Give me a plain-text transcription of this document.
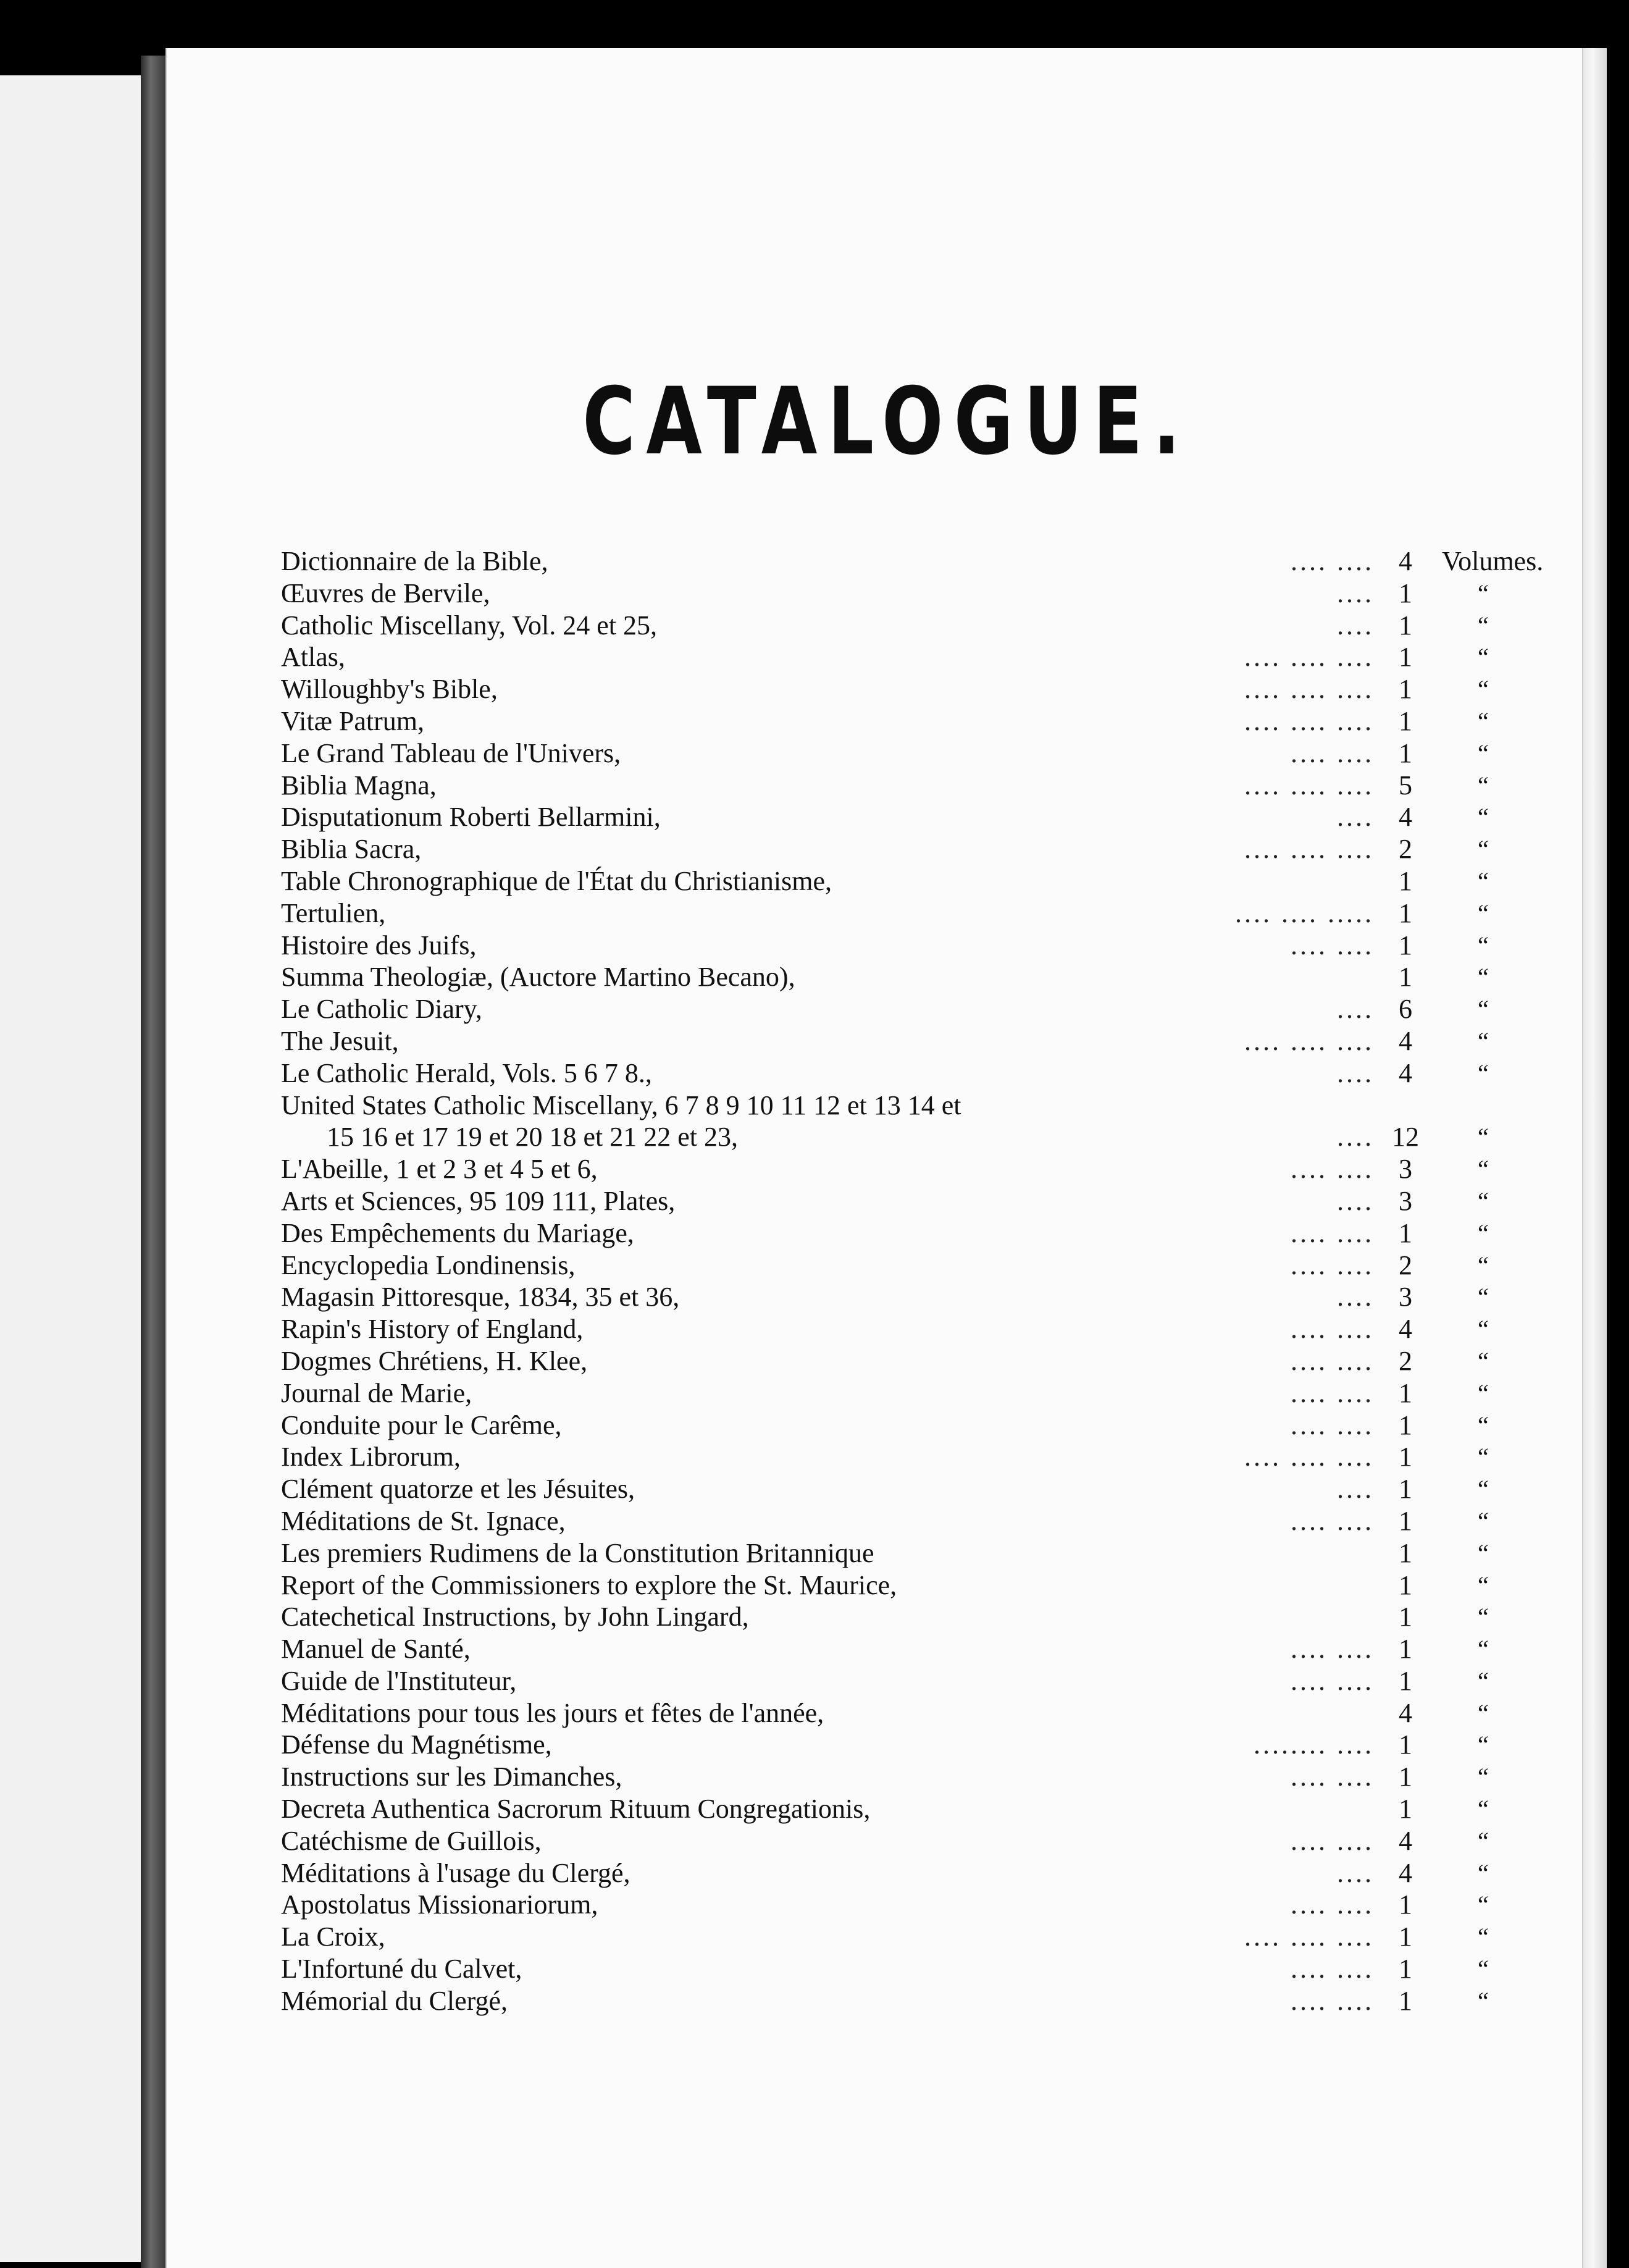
CATALOGUE.
Dictionnaire de la Bible,	.... .... 4	Volumes.
Œuvres de Bervile,	.... 1	“
Catholic Miscellany, Vol. 24 et 25,	.... 1	“
Atlas,	.... .... .... 1	“
Willoughby's Bible,	.... .... .... 1	“
Vitæ Patrum,	.... .... .... 1	“
Le Grand Tableau de l'Univers,	.... .... 1	“
Biblia Magna,	.... .... .... 5	“
Disputationum Roberti Bellarmini,	.... 4	“
Biblia Sacra,	.... .... .... 2	“
Table Chronographique de l'État du Christianisme,	1	“
Tertulien,	.... .... ..... 1	“
Histoire des Juifs,	.... .... 1	“
Summa Theologiæ, (Auctore Martino Becano),	1	“
Le Catholic Diary,	.... 6	“
The Jesuit,	.... .... .... 4	“
Le Catholic Herald, Vols. 5 6 7 8.,	.... 4	“
United States Catholic Miscellany, 6 7 8 9 10 11 12 et 13 14 et
15 16 et 17 19 et 20 18 et 21 22 et 23,	.... 12	“
L'Abeille, 1 et 2 3 et 4 5 et 6,	.... .... 3	“
Arts et Sciences, 95 109 111, Plates,	.... 3	“
Des Empêchements du Mariage,	.... .... 1	“
Encyclopedia Londinensis,	.... .... 2	“
Magasin Pittoresque, 1834, 35 et 36,	.... 3	“
Rapin's History of England,	.... .... 4	“
Dogmes Chrétiens, H. Klee,	.... .... 2	“
Journal de Marie,	.... .... 1	“
Conduite pour le Carême,	.... .... 1	“
Index Librorum,	.... .... .... 1	“
Clément quatorze et les Jésuites,	.... 1	“
Méditations de St. Ignace,	.... .... 1	“
Les premiers Rudimens de la Constitution Britannique	1	“
Report of the Commissioners to explore the St. Maurice,	1	“
Catechetical Instructions, by John Lingard,	1	“
Manuel de Santé,	.... .... 1	“
Guide de l'Instituteur,	.... .... 1	“
Méditations pour tous les jours et fêtes de l'année,	4	“
Défense du Magnétisme,	........ .... 1	“
Instructions sur les Dimanches,	.... .... 1	“
Decreta Authentica Sacrorum Rituum Congregationis,	1	“
Catéchisme de Guillois,	.... .... 4	“
Méditations à l'usage du Clergé,	.... 4	“
Apostolatus Missionariorum,	.... .... 1	“
La Croix,	.... .... .... 1	“
L'Infortuné du Calvet,	.... .... 1	“
Mémorial du Clergé,	.... .... 1	“
